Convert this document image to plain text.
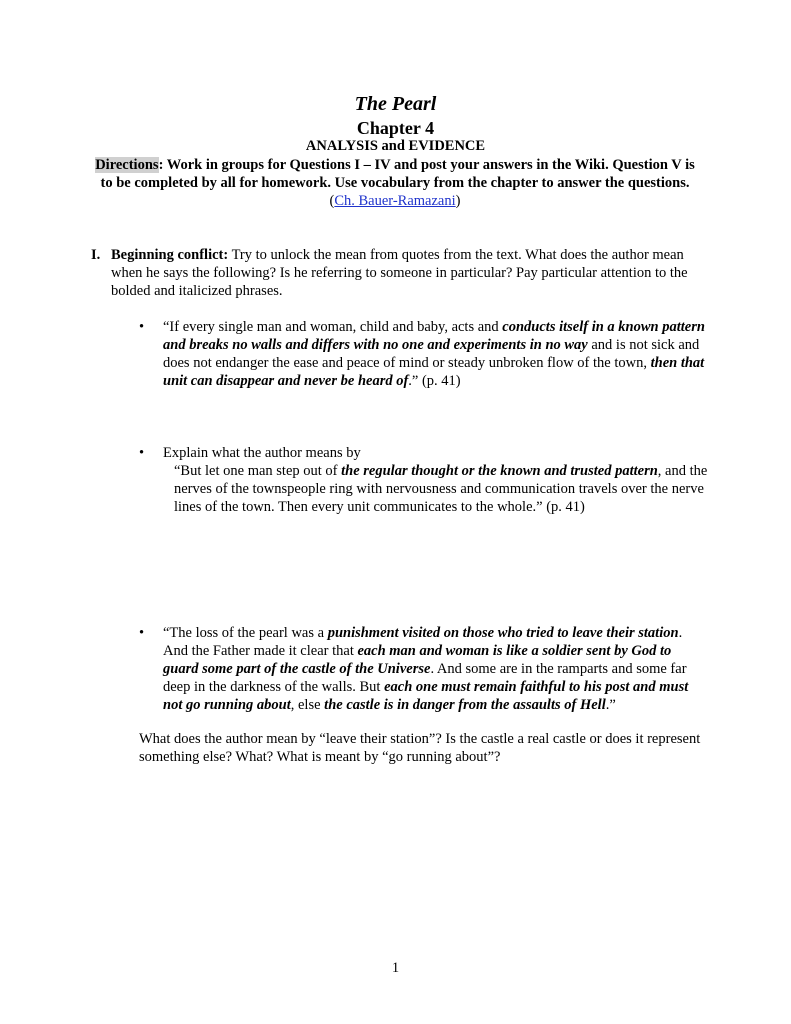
The Pearl
Chapter 4
ANALYSIS and EVIDENCE
Directions: Work in groups for Questions I – IV and post your answers in the Wiki. Question V is to be completed by all for homework. Use vocabulary from the chapter to answer the questions.
(Ch. Bauer-Ramazani)
I. Beginning conflict: Try to unlock the mean from quotes from the text. What does the author mean when he says the following? Is he referring to someone in particular? Pay particular attention to the bolded and italicized phrases.
•	“If every single man and woman, child and baby, acts and conducts itself in a known pattern and breaks no walls and differs with no one and experiments in no way and is not sick and does not endanger the ease and peace of mind or steady unbroken flow of the town, then that unit can disappear and never be heard of.” (p. 41)
•	Explain what the author means by
“But let one man step out of the regular thought or the known and trusted pattern, and the nerves of the townspeople ring with nervousness and communication travels over the nerve lines of the town. Then every unit communicates to the whole.” (p. 41)
•	“The loss of the pearl was a punishment visited on those who tried to leave their station. And the Father made it clear that each man and woman is like a soldier sent by God to guard some part of the castle of the Universe. And some are in the ramparts and some far deep in the darkness of the walls. But each one must remain faithful to his post and must not go running about, else the castle is in danger from the assaults of Hell.”
What does the author mean by “leave their station”? Is the castle a real castle or does it represent something else? What? What is meant by “go running about”?
1
